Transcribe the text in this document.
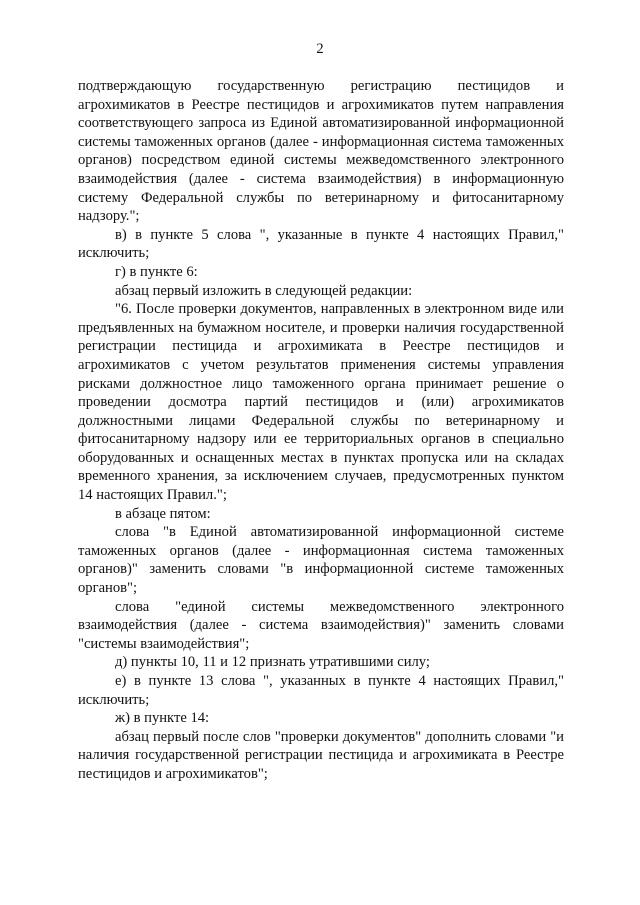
2

подтверждающую государственную регистрацию пестицидов и агрохимикатов в Реестре пестицидов и агрохимикатов путем направления соответствующего запроса из Единой автоматизированной информационной системы таможенных органов (далее - информационная система таможенных органов) посредством единой системы межведомственного электронного взаимодействия (далее - система взаимодействия) в информационную систему Федеральной службы по ветеринарному и фитосанитарному надзору.";

в) в пункте 5 слова ", указанные в пункте 4 настоящих Правил," исключить;

г) в пункте 6:

абзац первый изложить в следующей редакции:

"6. После проверки документов, направленных в электронном виде или предъявленных на бумажном носителе, и проверки наличия государственной регистрации пестицида и агрохимиката в Реестре пестицидов и агрохимикатов с учетом результатов применения системы управления рисками должностное лицо таможенного органа принимает решение о проведении досмотра партий пестицидов и (или) агрохимикатов должностными лицами Федеральной службы по ветеринарному и фитосанитарному надзору или ее территориальных органов в специально оборудованных и оснащенных местах в пунктах пропуска или на складах временного хранения, за исключением случаев, предусмотренных пунктом 14 настоящих Правил.";

в абзаце пятом:

слова "в Единой автоматизированной информационной системе таможенных органов (далее - информационная система таможенных органов)" заменить словами "в информационной системе таможенных органов";

слова "единой системы межведомственного электронного взаимодействия (далее - система взаимодействия)" заменить словами "системы взаимодействия";

д) пункты 10, 11 и 12 признать утратившими силу;

е) в пункте 13 слова ", указанных в пункте 4 настоящих Правил," исключить;

ж) в пункте 14:

абзац первый после слов "проверки документов" дополнить словами "и наличия государственной регистрации пестицида и агрохимиката в Реестре пестицидов и агрохимикатов";
